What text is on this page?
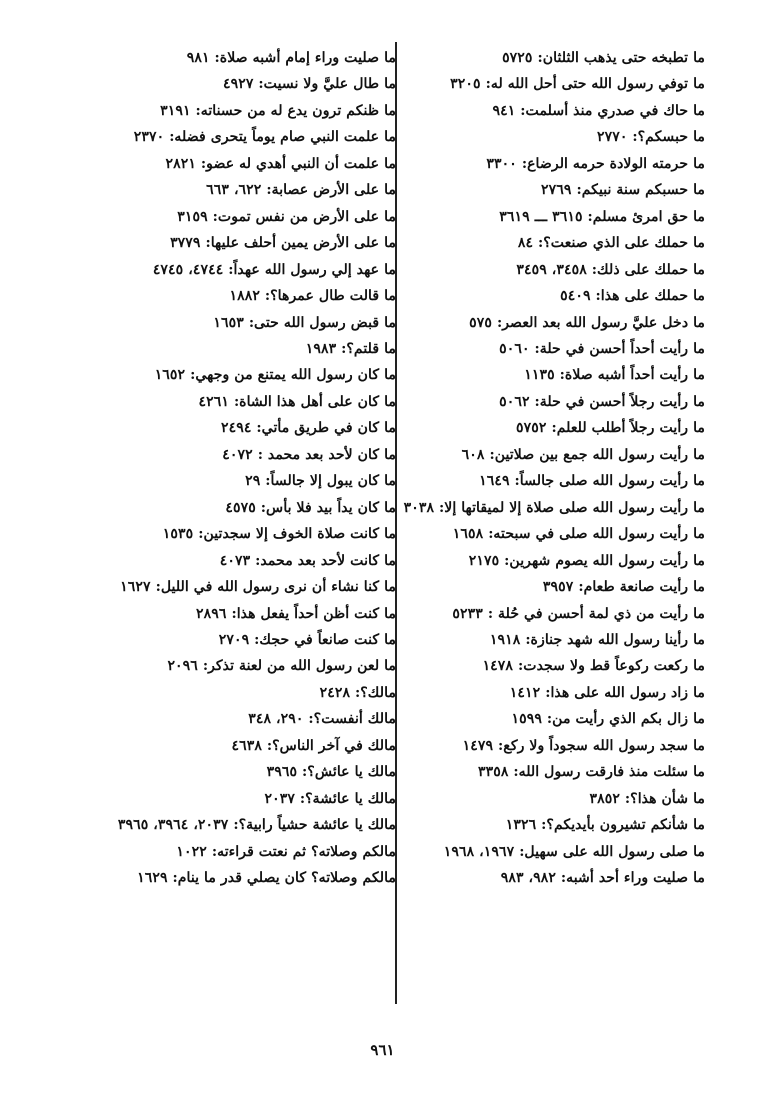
ما تطبخه حتى يذهب الثلثان: ٥٧٢٥
ما توفي رسول الله حتى أحل الله له: ٣٢٠٥
ما حاك في صدري منذ أسلمت: ٩٤١
ما حبسكم؟: ٢٧٧٠
ما حرمته الولادة حرمه الرضاع: ٣٣٠٠
ما حسبكم سنة نبيكم: ٢٧٦٩
ما حق امرئ مسلم: ٣٦١٥ ـــ ٣٦١٩
ما حملك على الذي صنعت؟: ٨٤
ما حملك على ذلك: ٣٤٥٨، ٣٤٥٩
ما حملك على هذا: ٥٤٠٩
ما دخل عليَّ رسول الله بعد العصر: ٥٧٥
ما رأيت أحداً أحسن في حلة: ٥٠٦٠
ما رأيت أحداً أشبه صلاة: ١١٣٥
ما رأيت رجلاً أحسن في حلة: ٥٠٦٢
ما رأيت رجلاً أطلب للعلم: ٥٧٥٢
ما رأيت رسول الله جمع بين صلاتين: ٦٠٨
ما رأيت رسول الله صلى جالساً: ١٦٤٩
ما رأيت رسول الله صلى صلاة إلا لميقاتها إلا: ٣٠٣٨
ما رأيت رسول الله صلى في سبحته: ١٦٥٨
ما رأيت رسول الله يصوم شهرين: ٢١٧٥
ما رأيت صانعة طعام: ٣٩٥٧
ما رأيت من ذي لمة أحسن في حُلة : ٥٢٣٣
ما رأينا رسول الله شهد جنازة: ١٩١٨
ما ركعت ركوعاً قط ولا سجدت: ١٤٧٨
ما زاد رسول الله على هذا: ١٤١٢
ما زال بكم الذي رأيت من: ١٥٩٩
ما سجد رسول الله سجوداً ولا ركع: ١٤٧٩
ما سئلت منذ فارقت رسول الله: ٣٣٥٨
ما شأن هذا؟: ٣٨٥٢
ما شأنكم تشيرون بأيديكم؟: ١٣٢٦
ما صلى رسول الله على سهيل: ١٩٦٧، ١٩٦٨
ما صليت وراء أحد أشبه: ٩٨٢، ٩٨٣
ما صليت وراء إمام أشبه صلاة: ٩٨١
ما طال عليَّ ولا نسيت: ٤٩٢٧
ما ظنكم ترون يدع له من حسناته: ٣١٩١
ما علمت النبي صام يوماً يتحرى فضله: ٢٣٧٠
ما علمت أن النبي أهدي له عضو: ٢٨٢١
ما على الأرض عصابة: ٦٢٢، ٦٦٣
ما على الأرض من نفس تموت: ٣١٥٩
ما على الأرض يمين أحلف عليها: ٣٧٧٩
ما عهد إلي رسول الله عهداً: ٤٧٤٤، ٤٧٤٥
ما قالت طال عمرها؟: ١٨٨٢
ما قبض رسول الله حتى: ١٦٥٣
ما قلتم؟: ١٩٨٣
ما كان رسول الله يمتنع من وجهي: ١٦٥٢
ما كان على أهل هذا الشاة: ٤٢٦١
ما كان في طريق مأتي: ٢٤٩٤
ما كان لأحد بعد محمد : ٤٠٧٢
ما كان يبول إلا جالساً: ٢٩
ما كان يداً بيد فلا بأس: ٤٥٧٥
ما كانت صلاة الخوف إلا سجدتين: ١٥٣٥
ما كانت لأحد بعد محمد: ٤٠٧٣
ما كنا نشاء أن نرى رسول الله في الليل: ١٦٢٧
ما كنت أظن أحداً يفعل هذا: ٢٨٩٦
ما كنت صانعاً في حجك: ٢٧٠٩
ما لعن رسول الله من لعنة تذكر: ٢٠٩٦
مالك؟: ٢٤٢٨
مالك أنفست؟: ٢٩٠، ٣٤٨
مالك في آخر الناس؟: ٤٦٣٨
مالك يا عائش؟: ٣٩٦٥
مالك يا عائشة؟: ٢٠٣٧
مالك يا عائشة حشياً رابية؟: ٢٠٣٧، ٣٩٦٤، ٣٩٦٥
مالكم وصلاته؟ ثم نعتت قراءته: ١٠٢٢
مالكم وصلاته؟ كان يصلي قدر ما ينام: ١٦٢٩
٩٦١
